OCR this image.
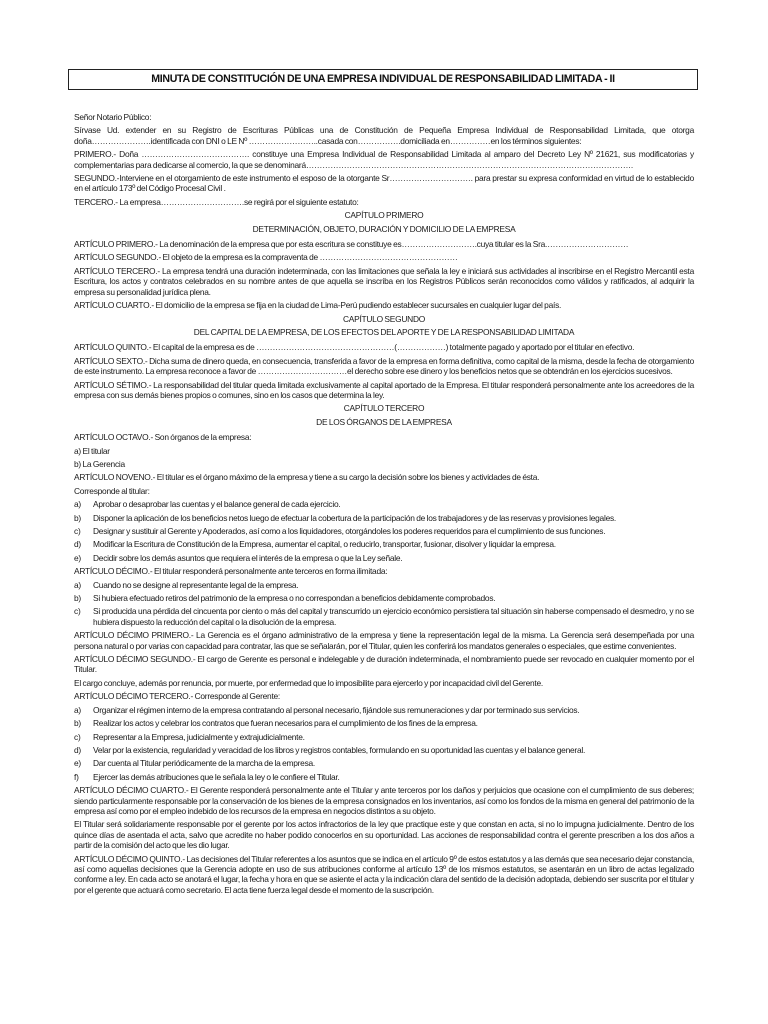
MINUTA DE CONSTITUCIÓN DE UNA EMPRESA INDIVIDUAL DE RESPONSABILIDAD LIMITADA - II

Señor Notario Público:

Sírvase Ud. extender en su Registro de Escrituras Públicas una de Constitución de Pequeña Empresa Individual de Responsabilidad Limitada, que otorga doña………………….identificada con DNI o LE Nº ……………………..casada con…………….domiciliada en……………en los términos siguientes:

PRIMERO.- Doña …………………………………. constituye una Empresa Individual de Responsabilidad Limitada al amparo del Decreto Ley Nº 21621, sus modificatorias y complementarias para dedicarse al comercio, la que se denominará………………………………………………………………………………………………………….

SEGUNDO.-Interviene en el otorgamiento de este instrumento el esposo de la otorgante Sr…………………………. para prestar su expresa conformidad en virtud de lo establecido en el artículo 173º del Código Procesal Civil .

TERCERO.- La empresa………………………….se regirá por el siguiente estatuto:

CAPÍTULO PRIMERO
DETERMINACIÓN, OBJETO, DURACIÓN Y DOMICILIO DE LA EMPRESA

ARTÍCULO PRIMERO.- La denominación de la empresa que por esta escritura se constituye es……………………….cuya titular es la Sra.…………………………

ARTÍCULO SEGUNDO.- El objeto de la empresa es la compraventa de ……………………………………………

ARTÍCULO TERCERO.- La empresa tendrá una duración indeterminada, con las limitaciones que señala la ley e iniciará sus actividades al inscribirse en el Registro Mercantil esta Escritura, los actos y contratos celebrados en su nombre antes de que aquella se inscriba en los Registros Públicos serán reconocidos como válidos y ratificados, al adquirir la empresa su personalidad jurídica plena.

ARTÍCULO CUARTO.- El domicilio de la empresa se fija en la ciudad de Lima-Perú pudiendo establecer sucursales en cualquier lugar del país.

CAPÍTULO SEGUNDO
DEL CAPITAL DE LA EMPRESA, DE LOS EFECTOS DEL APORTE Y DE LA RESPONSABILIDAD LIMITADA

ARTÍCULO QUINTO.- El capital de la empresa es de ……………………………………………(………………) totalmente pagado y aportado por el titular en efectivo.

ARTÍCULO SEXTO.- Dicha suma de dinero queda, en consecuencia, transferida a favor de la empresa en forma definitiva, como capital de la misma, desde la fecha de otorgamiento de este instrumento. La empresa reconoce a favor de ……………………………el derecho sobre ese dinero y los beneficios netos que se obtendrán en los ejercicios sucesivos.

ARTÍCULO SÉTIMO.- La responsabilidad del titular queda limitada exclusivamente al capital aportado de la Empresa. El titular responderá personalmente ante los acreedores de la empresa con sus demás bienes propios o comunes, sino en los casos que determina la ley.

CAPÍTULO TERCERO
DE LOS ÓRGANOS DE LA EMPRESA

ARTÍCULO OCTAVO.- Son órganos de la empresa:

a) El titular
b) La Gerencia

ARTÍCULO NOVENO.- El titular es el órgano máximo de la empresa y tiene a su cargo la decisión sobre los bienes y actividades de ésta.

Corresponde al titular:
a)	Aprobar o desaprobar las cuentas y el balance general de cada ejercicio.
b)	Disponer la aplicación de los beneficios netos luego de efectuar la cobertura de la participación de los trabajadores y de las reservas y provisiones legales.
c)	Designar y sustituir al Gerente y Apoderados, así como a los liquidadores, otorgándoles los poderes requeridos para el cumplimiento de sus funciones.
d)	Modificar la Escritura de Constitución de la Empresa, aumentar el capital, o reducirlo, transportar, fusionar, disolver y liquidar la empresa.
e)	Decidir sobre los demás asuntos que requiera el interés de la empresa o que la Ley señale.

ARTÍCULO DÉCIMO.- El titular responderá personalmente ante terceros en forma ilimitada:

a)	Cuando no se designe al representante legal de la empresa.
b)	Si hubiera efectuado retiros del patrimonio de la empresa o no correspondan a beneficios debidamente comprobados.
c)	Si producida una pérdida del cincuenta por ciento o más del capital y transcurrido un ejercicio económico persistiera tal situación sin haberse compensado el desmedro, y no se hubiera dispuesto la reducción del capital o la disolución de la empresa.

ARTÍCULO DÉCIMO PRIMERO.- La Gerencia es el órgano administrativo de la empresa y tiene la representación legal de la misma. La Gerencia será desempeñada por una persona natural o por varias con capacidad para contratar, las que se señalarán, por el Titular, quien les conferirá los mandatos generales o especiales, que estime convenientes.

ARTÍCULO DÉCIMO SEGUNDO.- El cargo de Gerente es personal e indelegable y de duración indeterminada, el nombramiento puede ser revocado en cualquier momento por el Titular.

El cargo concluye, además por renuncia, por muerte, por enfermedad que lo imposibilite para ejercerlo y por incapacidad civil del Gerente.

ARTÍCULO DÉCIMO TERCERO.- Corresponde al Gerente:

a)	Organizar el régimen interno de la empresa contratando al personal necesario, fijándole sus remuneraciones y dar por terminado sus servicios.
b)	Realizar los actos y celebrar los contratos que fueran necesarios para el cumplimiento de los fines de la empresa.
c)	Representar a la Empresa, judicialmente y extrajudicialmente.
d)	Velar por la existencia, regularidad y veracidad de los libros y registros contables, formulando en su oportunidad las cuentas y el balance general.
e)	Dar cuenta al Titular periódicamente de la marcha de la empresa.
f)	Ejercer las demás atribuciones que le señala la ley o le confiere el Titular.

ARTÍCULO DÉCIMO CUARTO.- El Gerente responderá personalmente ante el Titular y ante terceros por los daños y perjuicios que ocasione con el cumplimiento de sus deberes; siendo particularmente responsable por la conservación de los bienes de la empresa consignados en los inventarios, así como los fondos de la misma en general del patrimonio de la empresa así como por el empleo indebido de los recursos de la empresa en negocios distintos a su objeto.

El Titular será solidariamente responsable por el gerente por los actos infractorios de la ley que practique este y que constan en acta, si no lo impugna judicialmente. Dentro de los quince días de asentada el acta, salvo que acredite no haber podido conocerlos en su oportunidad. Las acciones de responsabilidad contra el gerente prescriben a los dos años a partir de la comisión del acto que les dio lugar.

ARTÍCULO DÉCIMO QUINTO.- Las decisiones del Titular referentes a los asuntos que se indica en el artículo 9º de estos estatutos y a las demás que sea necesario dejar constancia, así como aquellas decisiones que la Gerencia adopte en uso de sus atribuciones conforme al artículo 13º de los mismos estatutos, se asentarán en un libro de actas legalizado conforme a ley. En cada acto se anotará el lugar, la fecha y hora en que se asiente el acta y la indicación clara del sentido de la decisión adoptada, debiendo ser suscrita por el titular y por el gerente que actuará como secretario. El acta tiene fuerza legal desde el momento de la suscripción.
